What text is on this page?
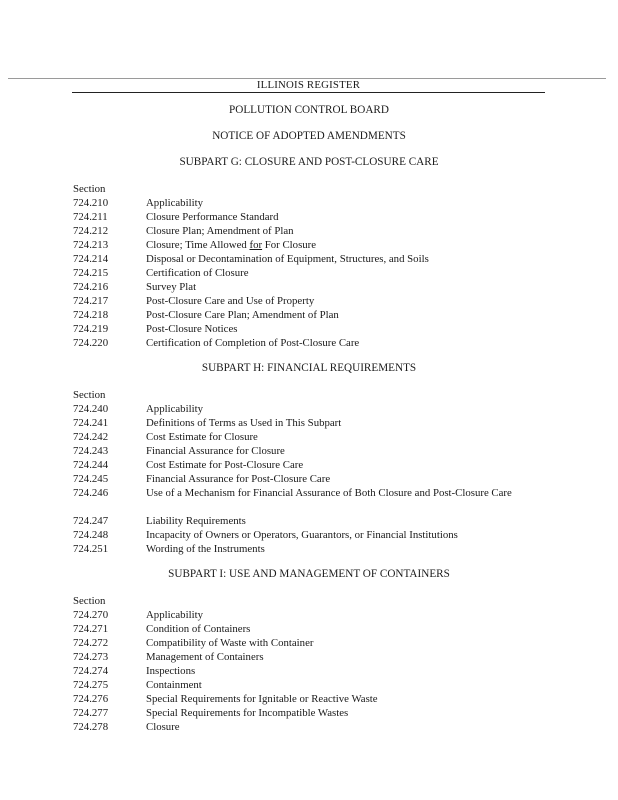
ILLINOIS REGISTER
POLLUTION CONTROL BOARD
NOTICE OF ADOPTED AMENDMENTS
SUBPART G: CLOSURE AND POST-CLOSURE CARE
Section
724.210	Applicability
724.211	Closure Performance Standard
724.212	Closure Plan; Amendment of Plan
724.213	Closure; Time Allowed for For Closure
724.214	Disposal or Decontamination of Equipment, Structures, and Soils
724.215	Certification of Closure
724.216	Survey Plat
724.217	Post-Closure Care and Use of Property
724.218	Post-Closure Care Plan; Amendment of Plan
724.219	Post-Closure Notices
724.220	Certification of Completion of Post-Closure Care
SUBPART H: FINANCIAL REQUIREMENTS
Section
724.240	Applicability
724.241	Definitions of Terms as Used in This Subpart
724.242	Cost Estimate for Closure
724.243	Financial Assurance for Closure
724.244	Cost Estimate for Post-Closure Care
724.245	Financial Assurance for Post-Closure Care
724.246	Use of a Mechanism for Financial Assurance of Both Closure and Post-Closure Care
724.247	Liability Requirements
724.248	Incapacity of Owners or Operators, Guarantors, or Financial Institutions
724.251	Wording of the Instruments
SUBPART I: USE AND MANAGEMENT OF CONTAINERS
Section
724.270	Applicability
724.271	Condition of Containers
724.272	Compatibility of Waste with Container
724.273	Management of Containers
724.274	Inspections
724.275	Containment
724.276	Special Requirements for Ignitable or Reactive Waste
724.277	Special Requirements for Incompatible Wastes
724.278	Closure
